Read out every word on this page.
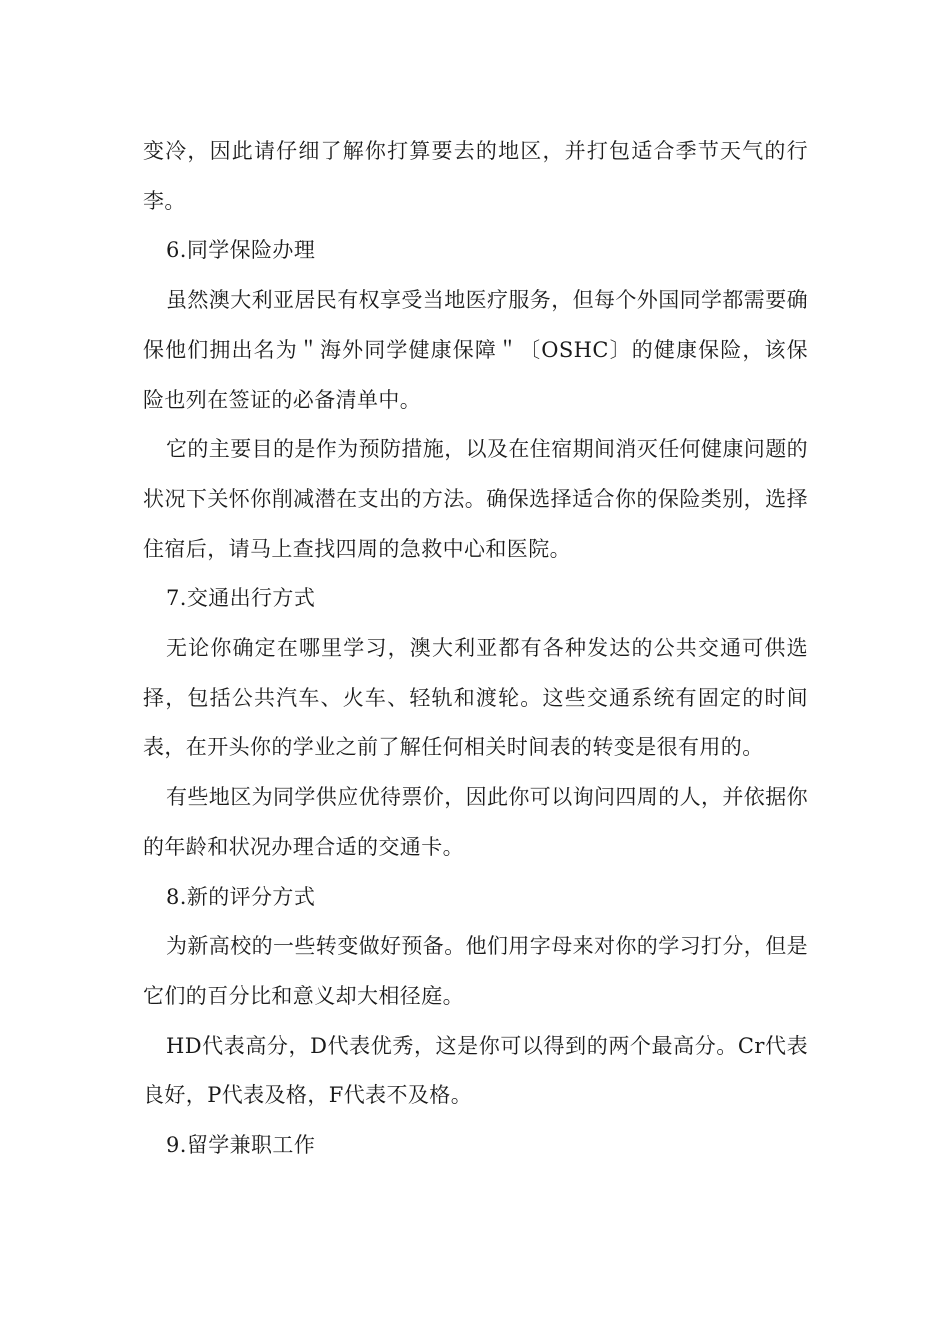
变冷，因此请仔细了解你打算要去的地区，并打包适合季节天气的行李。

6.同学保险办理

虽然澳大利亚居民有权享受当地医疗服务，但每个外国同学都需要确保他们拥出名为＂海外同学健康保障＂〔OSHC〕的健康保险，该保险也列在签证的必备清单中。

它的主要目的是作为预防措施，以及在住宿期间消灭任何健康问题的状况下关怀你削减潜在支出的方法。确保选择适合你的保险类别，选择住宿后，请马上查找四周的急救中心和医院。

7.交通出行方式

无论你确定在哪里学习，澳大利亚都有各种发达的公共交通可供选择，包括公共汽车、火车、轻轨和渡轮。这些交通系统有固定的时间表，在开头你的学业之前了解任何相关时间表的转变是很有用的。

有些地区为同学供应优待票价，因此你可以询问四周的人，并依据你的年龄和状况办理合适的交通卡。

8.新的评分方式

为新高校的一些转变做好预备。他们用字母来对你的学习打分，但是它们的百分比和意义却大相径庭。

HD代表高分，D代表优秀，这是你可以得到的两个最高分。Cr代表良好，P代表及格，F代表不及格。

9.留学兼职工作
